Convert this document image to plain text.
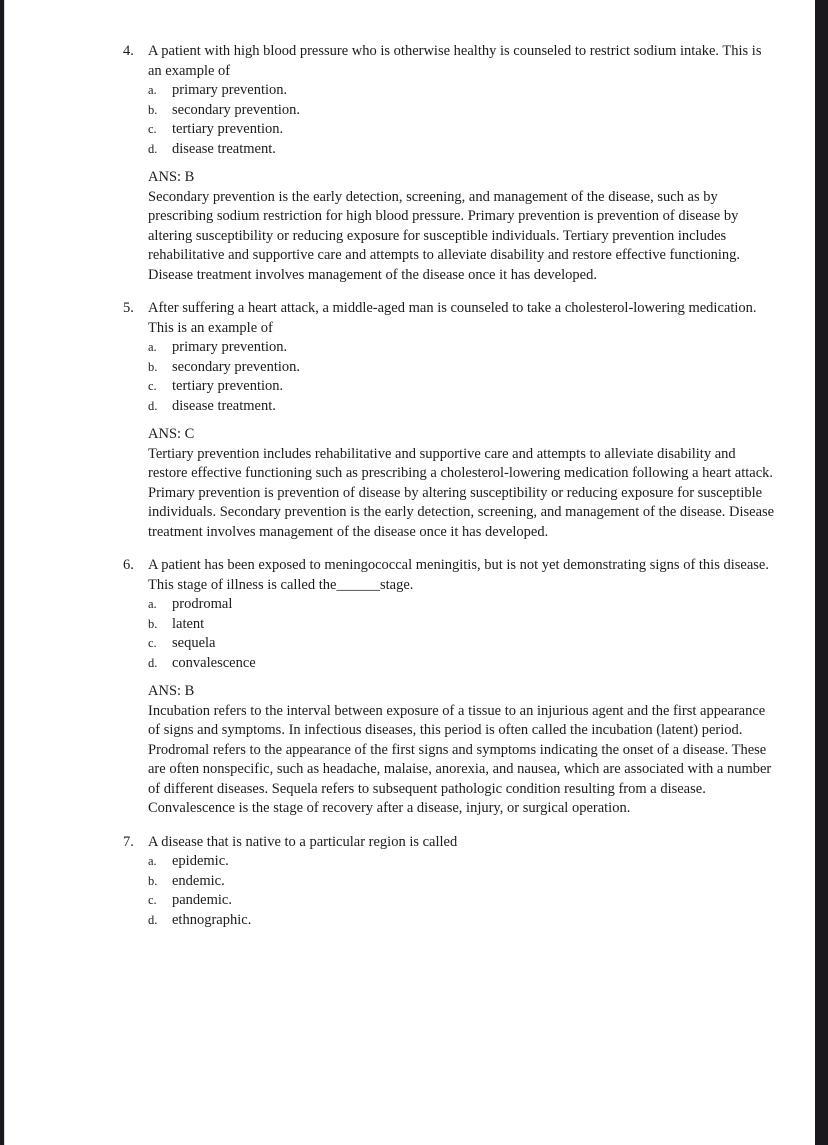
4. A patient with high blood pressure who is otherwise healthy is counseled to restrict sodium intake. This is an example of
a.	primary prevention.
b.	secondary prevention.
c.	tertiary prevention.
d.	disease treatment.
ANS: B
Secondary prevention is the early detection, screening, and management of the disease, such as by prescribing sodium restriction for high blood pressure. Primary prevention is prevention of disease by altering susceptibility or reducing exposure for susceptible individuals. Tertiary prevention includes rehabilitative and supportive care and attempts to alleviate disability and restore effective functioning. Disease treatment involves management of the disease once it has developed.
5. After suffering a heart attack, a middle-aged man is counseled to take a cholesterol-lowering medication. This is an example of
a.	primary prevention.
b.	secondary prevention.
c.	tertiary prevention.
d.	disease treatment.
ANS: C
Tertiary prevention includes rehabilitative and supportive care and attempts to alleviate disability and restore effective functioning such as prescribing a cholesterol-lowering medication following a heart attack. Primary prevention is prevention of disease by altering susceptibility or reducing exposure for susceptible individuals. Secondary prevention is the early detection, screening, and management of the disease. Disease treatment involves management of the disease once it has developed.
6. A patient has been exposed to meningococcal meningitis, but is not yet demonstrating signs of this disease. This stage of illness is called the______stage.
a.	prodromal
b.	latent
c.	sequela
d.	convalescence
ANS: B
Incubation refers to the interval between exposure of a tissue to an injurious agent and the first appearance of signs and symptoms. In infectious diseases, this period is often called the incubation (latent) period. Prodromal refers to the appearance of the first signs and symptoms indicating the onset of a disease. These are often nonspecific, such as headache, malaise, anorexia, and nausea, which are associated with a number of different diseases. Sequela refers to subsequent pathologic condition resulting from a disease. Convalescence is the stage of recovery after a disease, injury, or surgical operation.
7. A disease that is native to a particular region is called
a.	epidemic.
b.	endemic.
c.	pandemic.
d.	ethnographic.
